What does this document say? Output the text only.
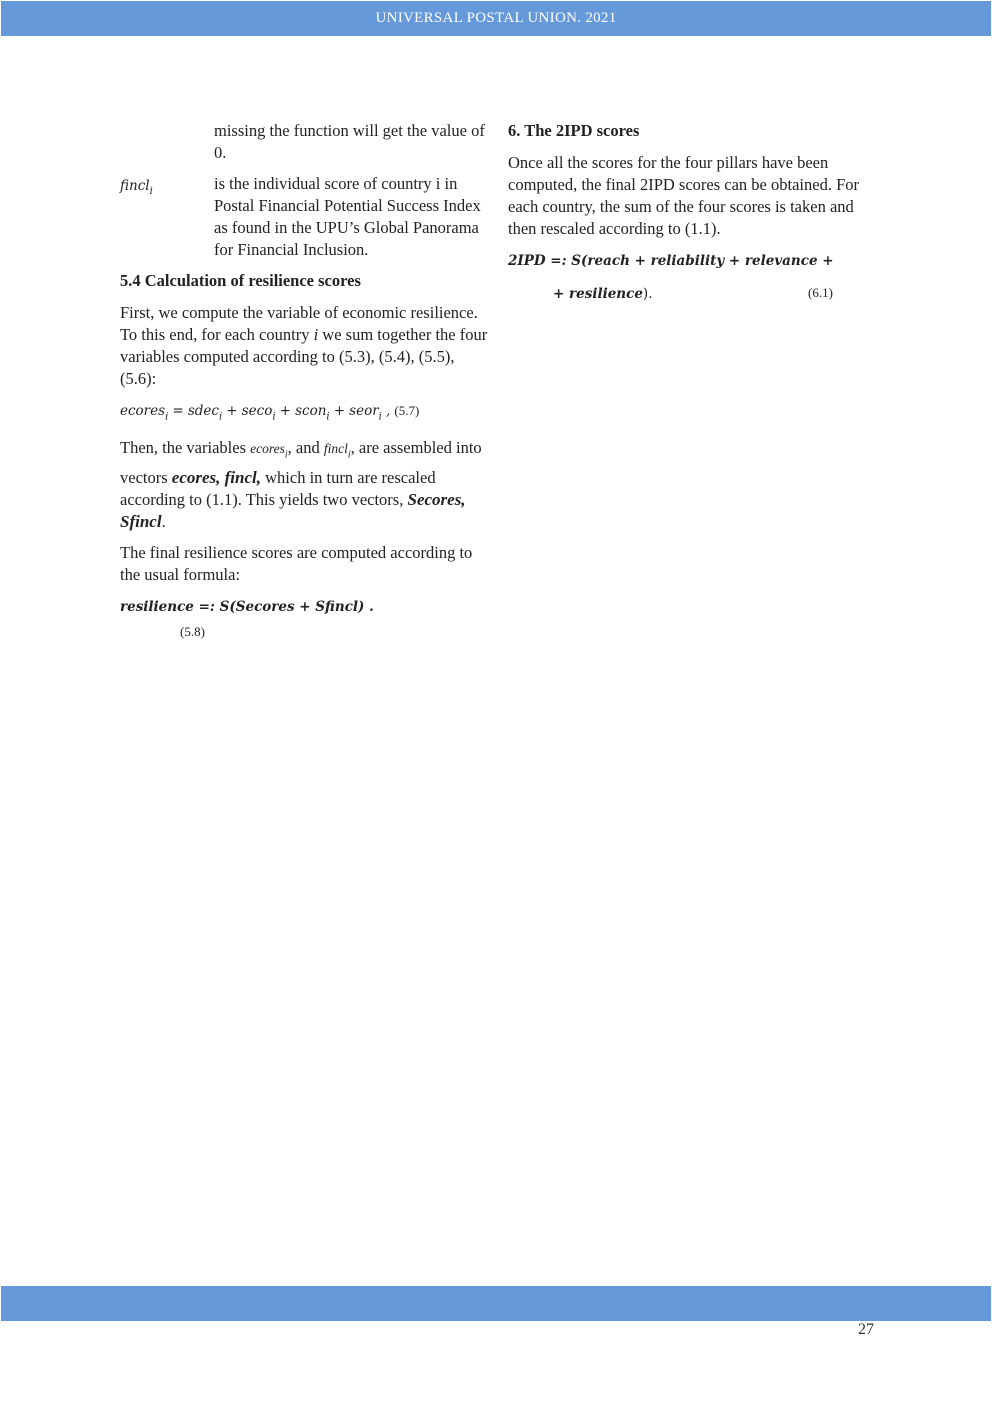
UNIVERSAL POSTAL UNION. 2021
missing the function will get the value of 0.
fincl$_i$	is the individual score of country i in Postal Financial Potential Success Index as found in the UPU’s Global Panorama for Financial Inclusion.
5.4 Calculation of resilience scores

First, we compute the variable of economic resilience. To this end, for each country i we sum together the four variables computed according to (5.3), (5.4), (5.5), (5.6):

ecores$_i$ = sdec$_i$ + seco$_i$ + scon$_i$ + seor$_i$ , (5.7)

Then, the variables ecores$_i$, and fincl$_i$, are assembled into vectors ecores, fincl, which in turn are rescaled according to (1.1). This yields two vectors, Secores, Sfincl.

The final resilience scores are computed according to the usual formula:

resilience =: S(Secores + Sfincl) .
(5.8)
6. The 2IPD scores

Once all the scores for the four pillars have been computed, the final 2IPD scores can be obtained. For each country, the sum of the four scores is taken and then rescaled according to (1.1).

2IPD =: S(reach + reliability + relevance +
+ resilience).	(6.1)
27
